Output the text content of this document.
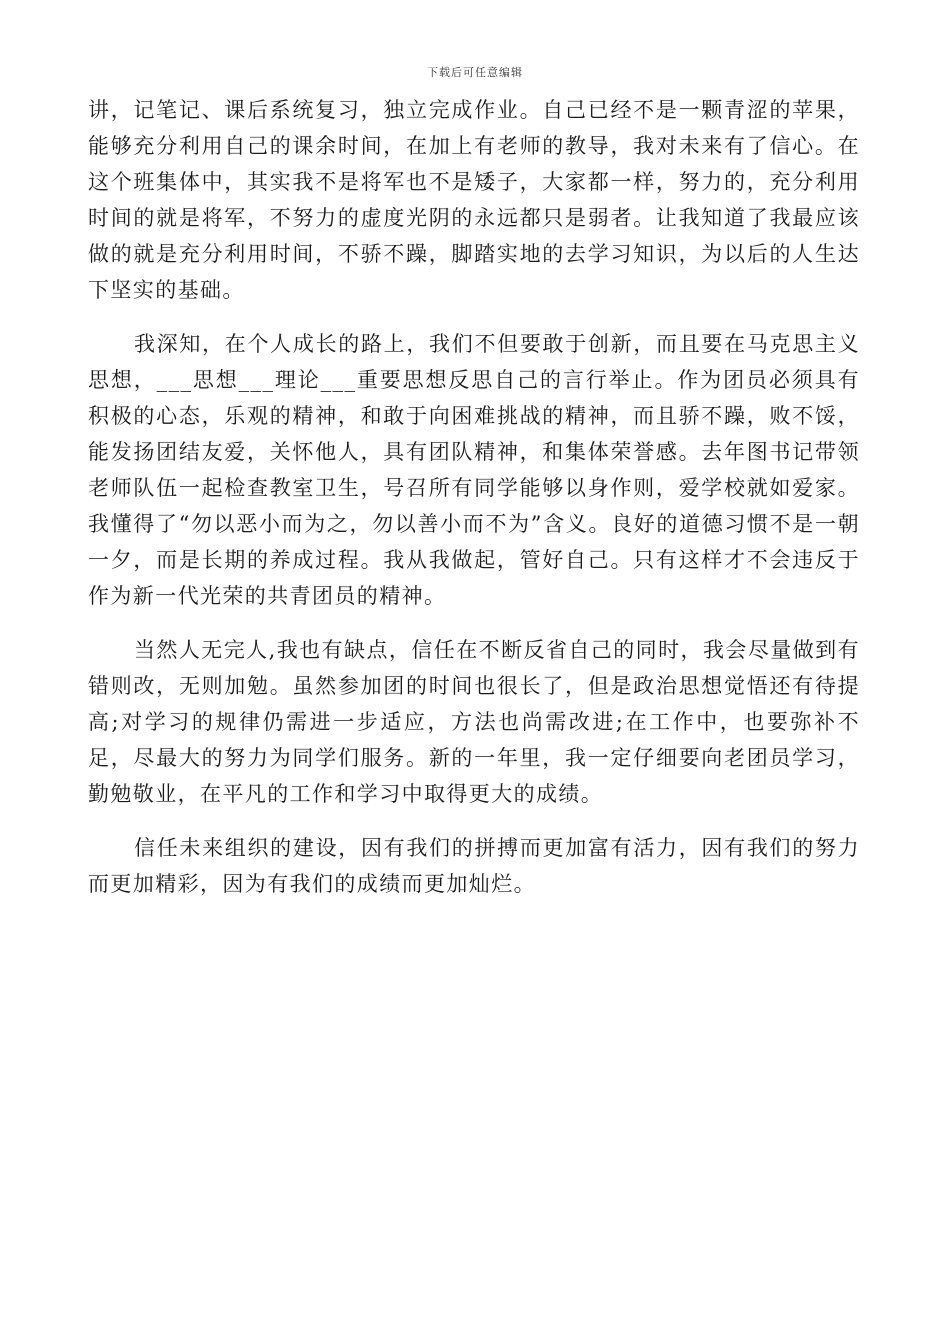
下载后可任意编辑

讲，记笔记、课后系统复习，独立完成作业。自己已经不是一颗青涩的苹果，能够充分利用自己的课余时间，在加上有老师的教导，我对未来有了信心。在这个班集体中，其实我不是将军也不是矮子，大家都一样，努力的，充分利用时间的就是将军，不努力的虚度光阴的永远都只是弱者。让我知道了我最应该做的就是充分利用时间，不骄不躁，脚踏实地的去学习知识，为以后的人生达下坚实的基础。

我深知，在个人成长的路上，我们不但要敢于创新，而且要在马克思主义思想，___思想___理论___重要思想反思自己的言行举止。作为团员必须具有积极的心态，乐观的精神，和敢于向困难挑战的精神，而且骄不躁，败不馁，能发扬团结友爱，关怀他人，具有团队精神，和集体荣誉感。去年图书记带领老师队伍一起检查教室卫生，号召所有同学能够以身作则，爱学校就如爱家。我懂得了“勿以恶小而为之，勿以善小而不为”含义。良好的道德习惯不是一朝一夕，而是长期的养成过程。我从我做起，管好自己。只有这样才不会违反于作为新一代光荣的共青团员的精神。

当然人无完人,我也有缺点，信任在不断反省自己的同时，我会尽量做到有错则改，无则加勉。虽然参加团的时间也很长了，但是政治思想觉悟还有待提高;对学习的规律仍需进一步适应，方法也尚需改进;在工作中，也要弥补不足，尽最大的努力为同学们服务。新的一年里，我一定仔细要向老团员学习，勤勉敬业，在平凡的工作和学习中取得更大的成绩。

信任未来组织的建设，因有我们的拼搏而更加富有活力，因有我们的努力而更加精彩，因为有我们的成绩而更加灿烂。
